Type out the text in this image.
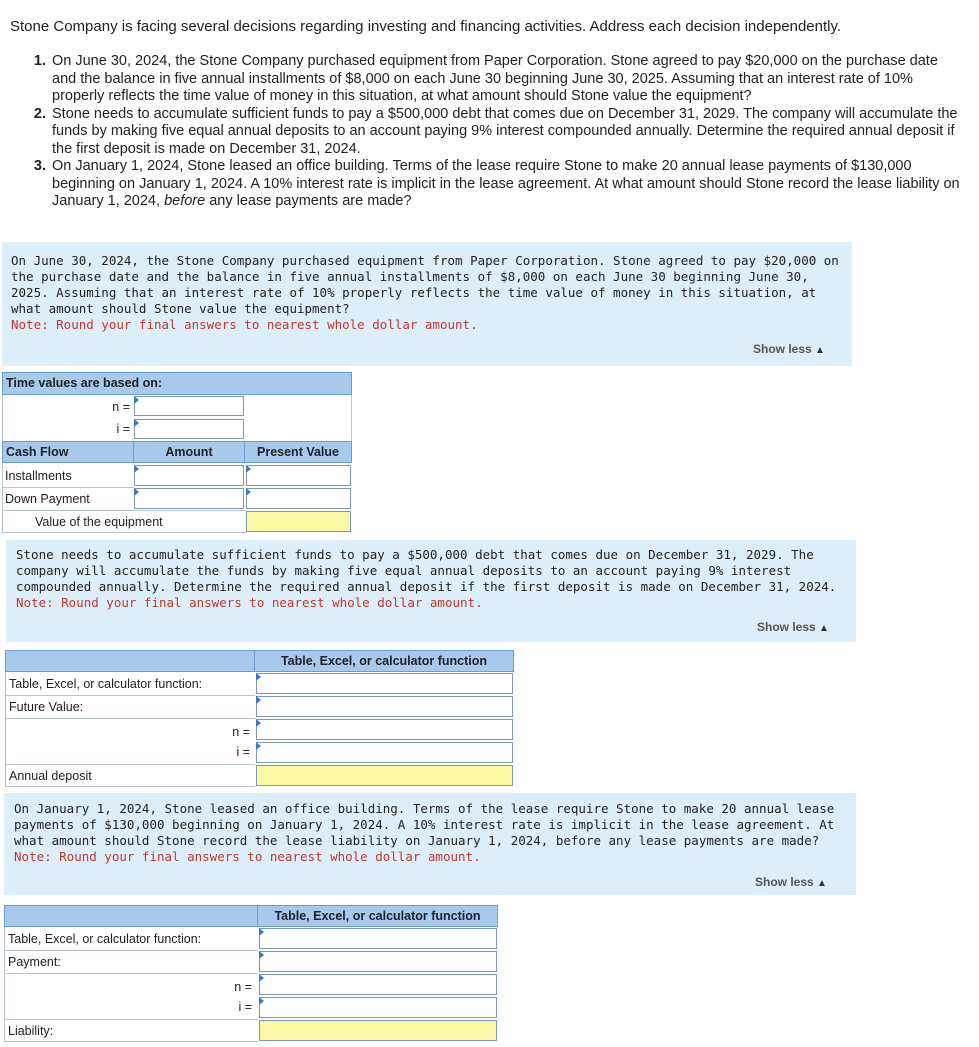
Stone Company is facing several decisions regarding investing and financing activities. Address each decision independently.
1. On June 30, 2024, the Stone Company purchased equipment from Paper Corporation. Stone agreed to pay $20,000 on the purchase date and the balance in five annual installments of $8,000 on each June 30 beginning June 30, 2025. Assuming that an interest rate of 10% properly reflects the time value of money in this situation, at what amount should Stone value the equipment?
2. Stone needs to accumulate sufficient funds to pay a $500,000 debt that comes due on December 31, 2029. The company will accumulate the funds by making five equal annual deposits to an account paying 9% interest compounded annually. Determine the required annual deposit if the first deposit is made on December 31, 2024.
3. On January 1, 2024, Stone leased an office building. Terms of the lease require Stone to make 20 annual lease payments of $130,000 beginning on January 1, 2024. A 10% interest rate is implicit in the lease agreement. At what amount should Stone record the lease liability on January 1, 2024, before any lease payments are made?

On June 30, 2024, the Stone Company purchased equipment from Paper Corporation. Stone agreed to pay $20,000 on the purchase date and the balance in five annual installments of $8,000 on each June 30 beginning June 30, 2025. Assuming that an interest rate of 10% properly reflects the time value of money in this situation, at what amount should Stone value the equipment?

Note: Round your final answers to nearest whole dollar amount.
Show less ▲
Time values are based on:
n =
i =
Cash Flow	Amount	Present Value
Installments
Down Payment
Value of the equipment

Stone needs to accumulate sufficient funds to pay a $500,000 debt that comes due on December 31, 2029. The company will accumulate the funds by making five equal annual deposits to an account paying 9% interest compounded annually. Determine the required annual deposit if the first deposit is made on December 31, 2024.

Note: Round your final answers to nearest whole dollar amount.
Show less ▲
Table, Excel, or calculator function
Table, Excel, or calculator function:
Future Value:
n =
i =
Annual deposit

On January 1, 2024, Stone leased an office building. Terms of the lease require Stone to make 20 annual lease payments of $130,000 beginning on January 1, 2024. A 10% interest rate is implicit in the lease agreement. At what amount should Stone record the lease liability on January 1, 2024, before any lease payments are made?

Note: Round your final answers to nearest whole dollar amount.
Show less ▲
Table, Excel, or calculator function
Table, Excel, or calculator function:
Payment:
n =
i =
Liability:
